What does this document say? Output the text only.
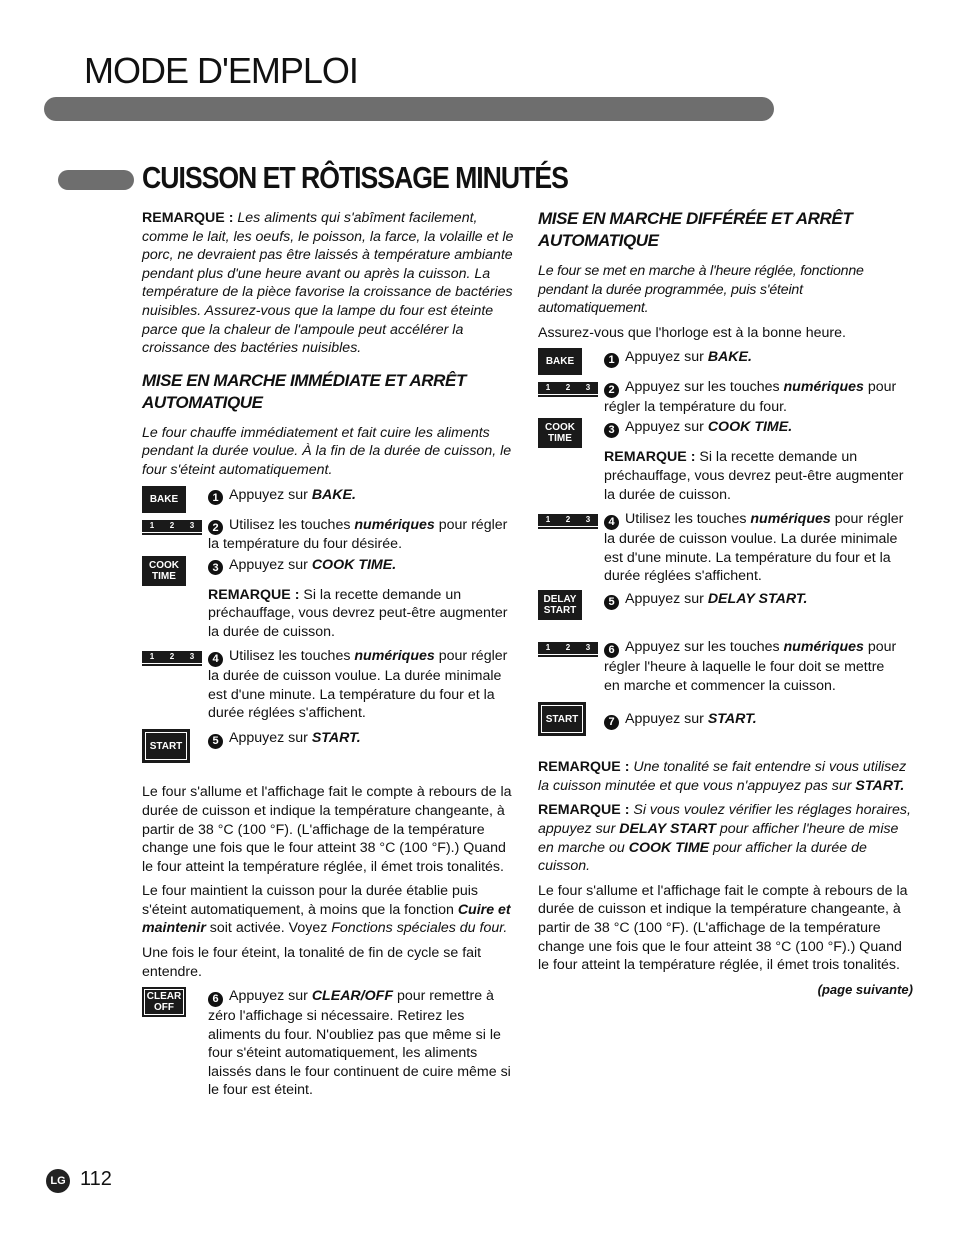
MODE D'EMPLOI
CUISSON ET RÔTISSAGE MINUTÉS

REMARQUE : Les aliments qui s'abîment facilement, comme le lait, les oeufs, le poisson, la farce, la volaille et le porc, ne devraient pas être laissés à température ambiante pendant plus d'une heure avant ou après la cuisson. La température de la pièce favorise la croissance de bactéries nuisibles. Assurez-vous que la lampe du four est éteinte parce que la chaleur de l'ampoule peut accélérer la croissance des bactéries nuisibles.

MISE EN MARCHE IMMÉDIATE ET ARRÊT AUTOMATIQUE

Le four chauffe immédiatement et fait cuire les aliments pendant la durée voulue. À la fin de la durée de cuisson, le four s'éteint automatiquement.

BAKE	1 Appuyez sur BAKE.
1 2 3	2 Utilisez les touches numériques pour régler la température du four désirée.
COOK
TIME
3 Appuyez sur COOK TIME.

REMARQUE : Si la recette demande un préchauffage, vous devrez peut-être augmenter la durée de cuisson.

1 2 3	4 Utilisez les touches numériques pour régler la durée de cuisson voulue. La durée minimale est d'une minute. La température du four et la durée réglées s'affichent.
START	5 Appuyez sur START.

Le four s'allume et l'affichage fait le compte à rebours de la durée de cuisson et indique la température changeante, à partir de 38 °C (100 °F). (L'affichage de la température change une fois que le four atteint 38 °C (100 °F).) Quand le four atteint la température réglée, il émet trois tonalités.

Le four maintient la cuisson pour la durée établie puis s'éteint automatiquement, à moins que la fonction Cuire et maintenir soit activée. Voyez Fonctions spéciales du four.

Une fois le four éteint, la tonalité de fin de cycle se fait entendre.

CLEAR
OFF
6 Appuyez sur CLEAR/OFF pour remettre à zéro l'affichage si nécessaire. Retirez les aliments du four. N'oubliez pas que même si le four s'éteint automatiquement, les aliments laissés dans le four continuent de cuire même si le four est éteint.
MISE EN MARCHE DIFFÉRÉE ET ARRÊT AUTOMATIQUE

Le four se met en marche à l'heure réglée, fonctionne pendant la durée programmée, puis s'éteint automatiquement.

Assurez-vous que l'horloge est à la bonne heure.

BAKE	1 Appuyez sur BAKE.
1 2 3	2 Appuyez sur les touches numériques pour régler la température du four.
COOK
TIME
3 Appuyez sur COOK TIME.

REMARQUE : Si la recette demande un préchauffage, vous devrez peut-être augmenter la durée de cuisson.

1 2 3	4 Utilisez les touches numériques pour régler la durée de cuisson voulue. La durée minimale est d'une minute. La température du four et la durée réglées s'affichent.
DELAY
START
5 Appuyez sur DELAY START.
1 2 3	6 Appuyez sur les touches numériques pour régler l'heure à laquelle le four doit se mettre en marche et commencer la cuisson.
START	7 Appuyez sur START.

REMARQUE : Une tonalité se fait entendre si vous utilisez la cuisson minutée et que vous n'appuyez pas sur START.

REMARQUE : Si vous voulez vérifier les réglages horaires, appuyez sur DELAY START pour afficher l'heure de mise en marche ou COOK TIME pour afficher la durée de cuisson.

Le four s'allume et l'affichage fait le compte à rebours de la durée de cuisson et indique la température changeante, à partir de 38 °C (100 °F). (L'affichage de la température change une fois que le four atteint 38 °C (100 °F).) Quand le four atteint la température réglée, il émet trois tonalités.

(page suivante)

LG 112
